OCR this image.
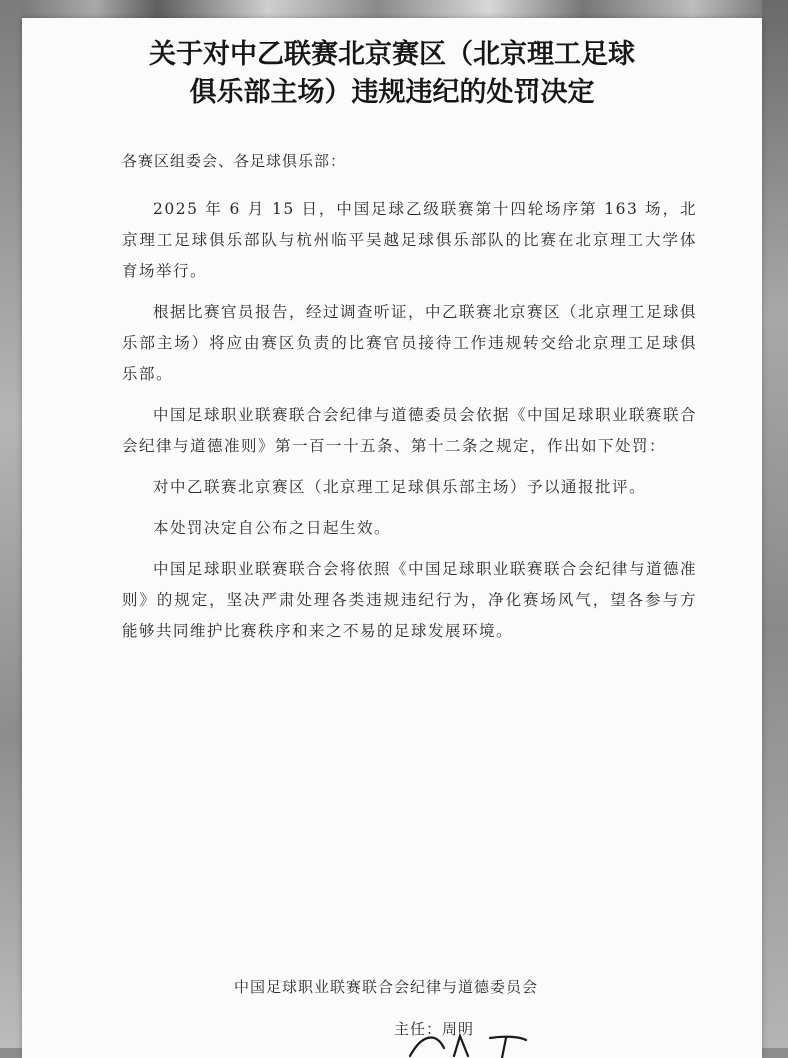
关于对中乙联赛北京赛区（北京理工足球
俱乐部主场）违规违纪的处罚决定

各赛区组委会、各足球俱乐部：

2025 年 6 月 15 日，中国足球乙级联赛第十四轮场序第 163 场，北京理工足球俱乐部队与杭州临平吴越足球俱乐部队的比赛在北京理工大学体育场举行。

根据比赛官员报告，经过调查听证，中乙联赛北京赛区（北京理工足球俱乐部主场）将应由赛区负责的比赛官员接待工作违规转交给北京理工足球俱乐部。

中国足球职业联赛联合会纪律与道德委员会依据《中国足球职业联赛联合会纪律与道德准则》第一百一十五条、第十二条之规定，作出如下处罚：

对中乙联赛北京赛区（北京理工足球俱乐部主场）予以通报批评。

本处罚决定自公布之日起生效。

中国足球职业联赛联合会将依照《中国足球职业联赛联合会纪律与道德准则》的规定，坚决严肃处理各类违规违纪行为，净化赛场风气，望各参与方能够共同维护比赛秩序和来之不易的足球发展环境。

中国足球职业联赛联合会纪律与道德委员会

主任：周明
